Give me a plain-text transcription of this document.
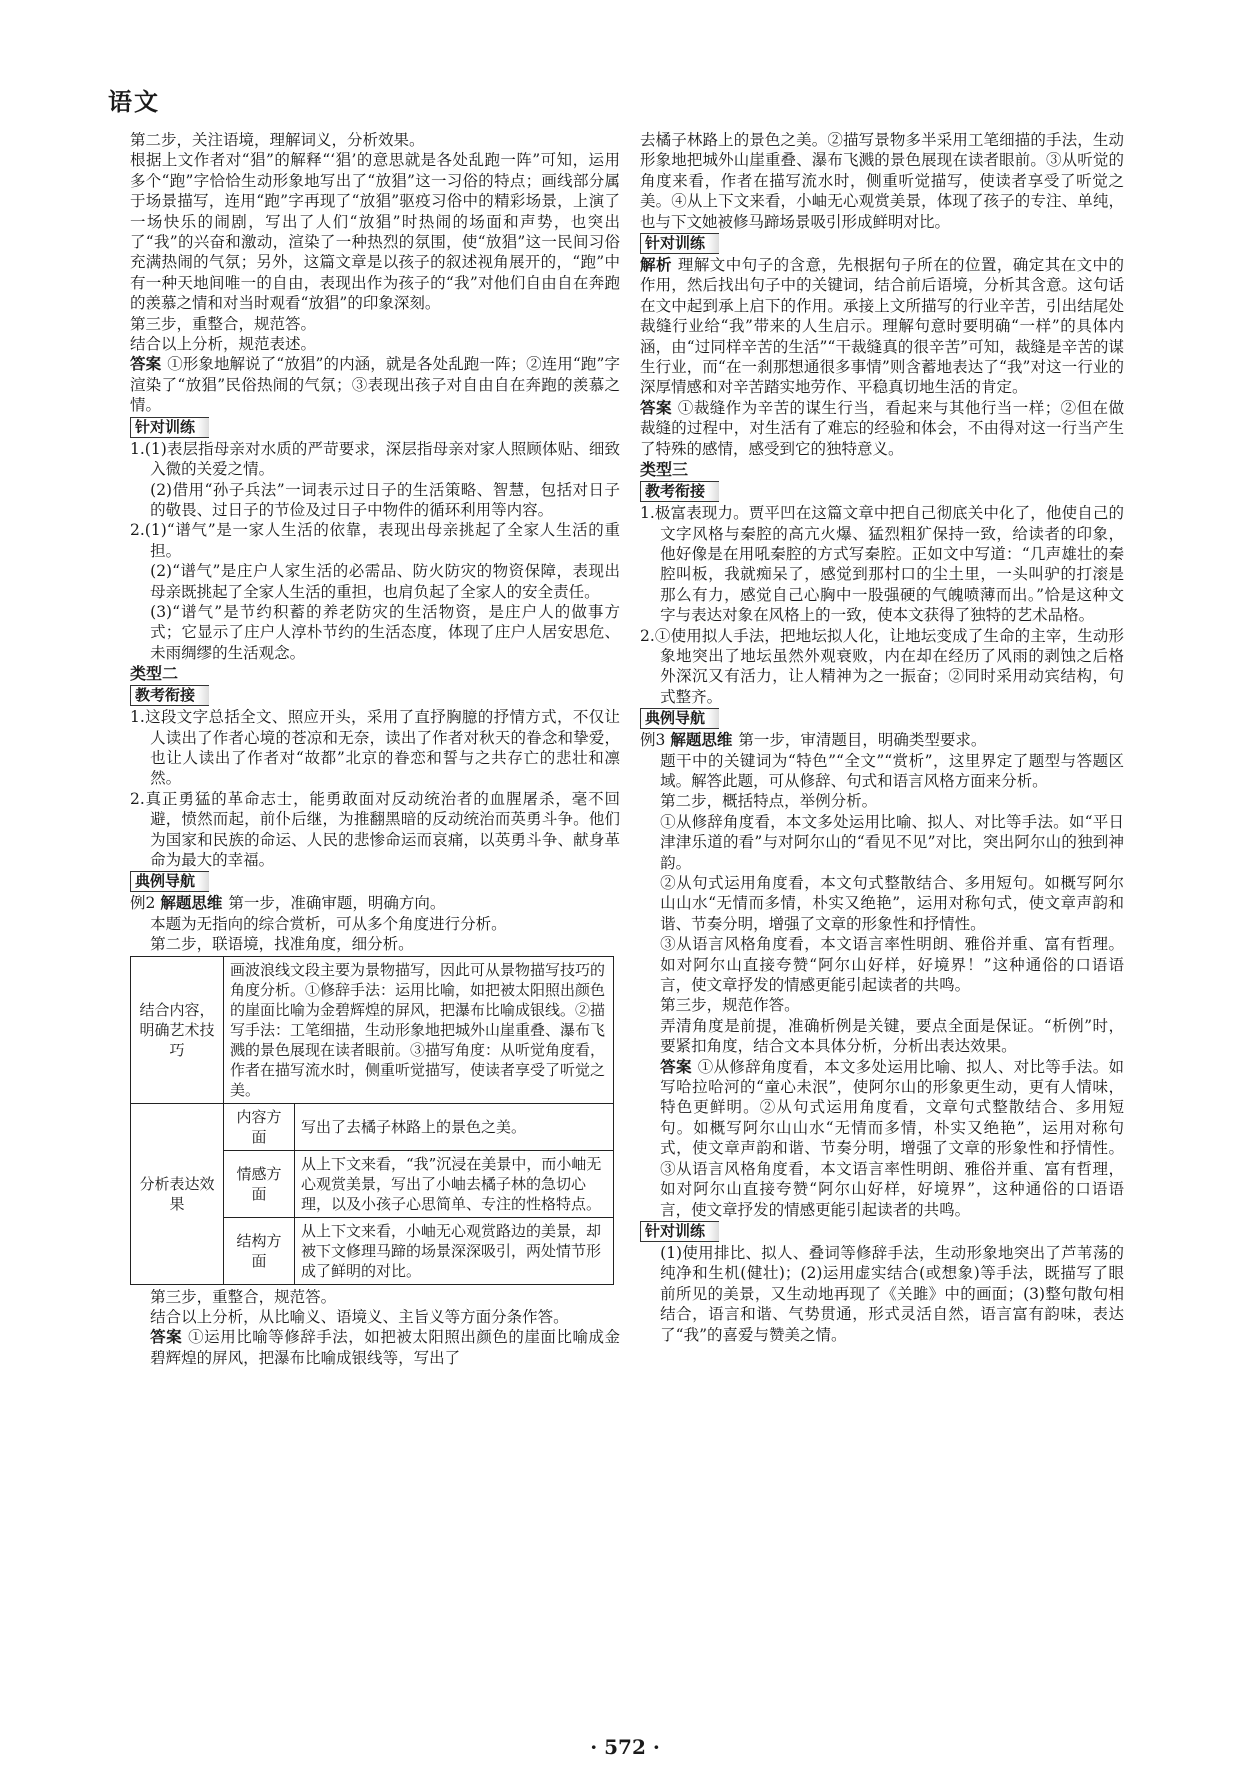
语文

第二步，关注语境，理解词义，分析效果。

根据上文作者对“猖”的解释“‘猖’的意思就是各处乱跑一阵”可知，运用多个“跑”字恰恰生动形象地写出了“放猖”这一习俗的特点；画线部分属于场景描写，连用“跑”字再现了“放猖”驱疫习俗中的精彩场景，上演了一场快乐的闹剧，写出了人们“放猖”时热闹的场面和声势，也突出了“我”的兴奋和激动，渲染了一种热烈的氛围，使“放猖”这一民间习俗充满热闹的气氛；另外，这篇文章是以孩子的叙述视角展开的，“跑”中有一种天地间唯一的自由，表现出作为孩子的“我”对他们自由自在奔跑的羡慕之情和对当时观看“放猖”的印象深刻。

第三步，重整合，规范答。

结合以上分析，规范表述。

答案 ①形象地解说了“放猖”的内涵，就是各处乱跑一阵；②连用“跑”字渲染了“放猖”民俗热闹的气氛；③表现出孩子对自由自在奔跑的羡慕之情。

针对训练

1.(1)表层指母亲对水质的严苛要求，深层指母亲对家人照顾体贴、细致入微的关爱之情。

(2)借用“孙子兵法”一词表示过日子的生活策略、智慧，包括对日子的敬畏、过日子的节俭及过日子中物件的循环利用等内容。

2.(1)“谱气”是一家人生活的依靠，表现出母亲挑起了全家人生活的重担。

(2)“谱气”是庄户人家生活的必需品、防火防灾的物资保障，表现出母亲既挑起了全家人生活的重担，也肩负起了全家人的安全责任。

(3)“谱气”是节约积蓄的养老防灾的生活物资，是庄户人的做事方式；它显示了庄户人淳朴节约的生活态度，体现了庄户人居安思危、未雨绸缪的生活观念。

类型二

教考衔接

1.这段文字总括全文、照应开头，采用了直抒胸臆的抒情方式，不仅让人读出了作者心境的苍凉和无奈，读出了作者对秋天的眷念和挚爱，也让人读出了作者对“故都”北京的眷恋和誓与之共存亡的悲壮和凛然。

2.真正勇猛的革命志士，能勇敢面对反动统治者的血腥屠杀，毫不回避，愤然而起，前仆后继，为推翻黑暗的反动统治而英勇斗争。他们为国家和民族的命运、人民的悲惨命运而哀痛，以英勇斗争、献身革命为最大的幸福。

典例导航

例2 解题思维 第一步，准确审题，明确方向。

本题为无指向的综合赏析，可从多个角度进行分析。

第二步，联语境，找准角度，细分析。

结合内容，明确艺术技巧	画波浪线文段主要为景物描写，因此可从景物描写技巧的角度分析。①修辞手法：运用比喻，如把被太阳照出颜色的崖面比喻为金碧辉煌的屏风，把瀑布比喻成银线。②描写手法：工笔细描，生动形象地把城外山崖重叠、瀑布飞溅的景色展现在读者眼前。③描写角度：从听觉角度看，作者在描写流水时，侧重听觉描写，使读者享受了听觉之美。	
分析表达效果	内容方面	写出了去橘子林路上的景色之美。
	情感方面	从上下文来看，“我”沉浸在美景中，而小岫无心观赏美景，写出了小岫去橘子林的急切心理，以及小孩子心思简单、专注的性格特点。
	结构方面	从上下文来看，小岫无心观赏路边的美景，却被下文修理马蹄的场景深深吸引，两处情节形成了鲜明的对比。

第三步，重整合，规范答。

结合以上分析，从比喻义、语境义、主旨义等方面分条作答。

答案 ①运用比喻等修辞手法，如把被太阳照出颜色的崖面比喻成金碧辉煌的屏风，把瀑布比喻成银线等，写出了

去橘子林路上的景色之美。②描写景物多半采用工笔细描的手法，生动形象地把城外山崖重叠、瀑布飞溅的景色展现在读者眼前。③从听觉的角度来看，作者在描写流水时，侧重听觉描写，使读者享受了听觉之美。④从上下文来看，小岫无心观赏美景，体现了孩子的专注、单纯，也与下文她被修马蹄场景吸引形成鲜明对比。

针对训练

解析 理解文中句子的含意，先根据句子所在的位置，确定其在文中的作用，然后找出句子中的关键词，结合前后语境，分析其含意。这句话在文中起到承上启下的作用。承接上文所描写的行业辛苦，引出结尾处裁缝行业给“我”带来的人生启示。理解句意时要明确“一样”的具体内涵，由“过同样辛苦的生活”“干裁缝真的很辛苦”可知，裁缝是辛苦的谋生行业，而“在一刹那想通很多事情”则含蓄地表达了“我”对这一行业的深厚情感和对辛苦踏实地劳作、平稳真切地生活的肯定。

答案 ①裁缝作为辛苦的谋生行当，看起来与其他行当一样；②但在做裁缝的过程中，对生活有了难忘的经验和体会，不由得对这一行当产生了特殊的感情，感受到它的独特意义。

类型三

教考衔接

1.极富表现力。贾平凹在这篇文章中把自己彻底关中化了，他使自己的文字风格与秦腔的高亢火爆、猛烈粗犷保持一致，给读者的印象，他好像是在用吼秦腔的方式写秦腔。正如文中写道：“几声雄壮的秦腔叫板，我就痴呆了，感觉到那村口的尘土里，一头叫驴的打滚是那么有力，感觉自己心胸中一股强硬的气魄喷薄而出。”恰是这种文字与表达对象在风格上的一致，使本文获得了独特的艺术品格。

2.①使用拟人手法，把地坛拟人化，让地坛变成了生命的主宰，生动形象地突出了地坛虽然外观衰败，内在却在经历了风雨的剥蚀之后格外深沉又有活力，让人精神为之一振奋；②同时采用动宾结构，句式整齐。

典例导航

例3 解题思维 第一步，审清题目，明确类型要求。

题干中的关键词为“特色”“全文”“赏析”，这里界定了题型与答题区域。解答此题，可从修辞、句式和语言风格方面来分析。

第二步，概括特点，举例分析。

①从修辞角度看，本文多处运用比喻、拟人、对比等手法。如“平日津津乐道的看”与对阿尔山的“看见不见”对比，突出阿尔山的独到神韵。

②从句式运用角度看，本文句式整散结合、多用短句。如概写阿尔山山水“无情而多情，朴实又绝艳”，运用对称句式，使文章声韵和谐、节奏分明，增强了文章的形象性和抒情性。

③从语言风格角度看，本文语言率性明朗、雅俗并重、富有哲理。如对阿尔山直接夸赞“阿尔山好样，好境界！”这种通俗的口语语言，使文章抒发的情感更能引起读者的共鸣。

第三步，规范作答。

弄清角度是前提，准确析例是关键，要点全面是保证。“析例”时，要紧扣角度，结合文本具体分析，分析出表达效果。

答案 ①从修辞角度看，本文多处运用比喻、拟人、对比等手法。如写哈拉哈河的“童心未泯”，使阿尔山的形象更生动，更有人情味，特色更鲜明。②从句式运用角度看，文章句式整散结合、多用短句。如概写阿尔山山水“无情而多情，朴实又绝艳”，运用对称句式，使文章声韵和谐、节奏分明，增强了文章的形象性和抒情性。③从语言风格角度看，本文语言率性明朗、雅俗并重、富有哲理，如对阿尔山直接夸赞“阿尔山好样，好境界”，这种通俗的口语语言，使文章抒发的情感更能引起读者的共鸣。

针对训练

(1)使用排比、拟人、叠词等修辞手法，生动形象地突出了芦苇荡的纯净和生机(健壮)；(2)运用虚实结合(或想象)等手法，既描写了眼前所见的美景，又生动地再现了《关雎》中的画面；(3)整句散句相结合，语言和谐、气势贯通，形式灵活自然，语言富有韵味，表达了“我”的喜爱与赞美之情。

· 572 ·
